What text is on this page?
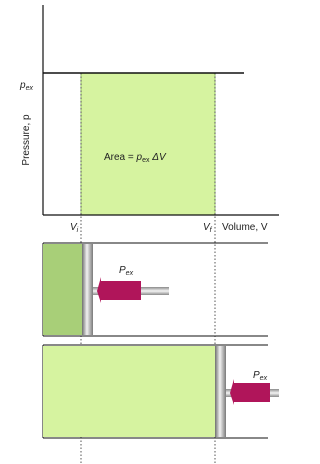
Pressure, p
$p_{ex}$
Area = $p_{ex}$ ΔV
$V_i$	$V_f$ Volume, V
$P_{ex}$
$P_{ex}$
